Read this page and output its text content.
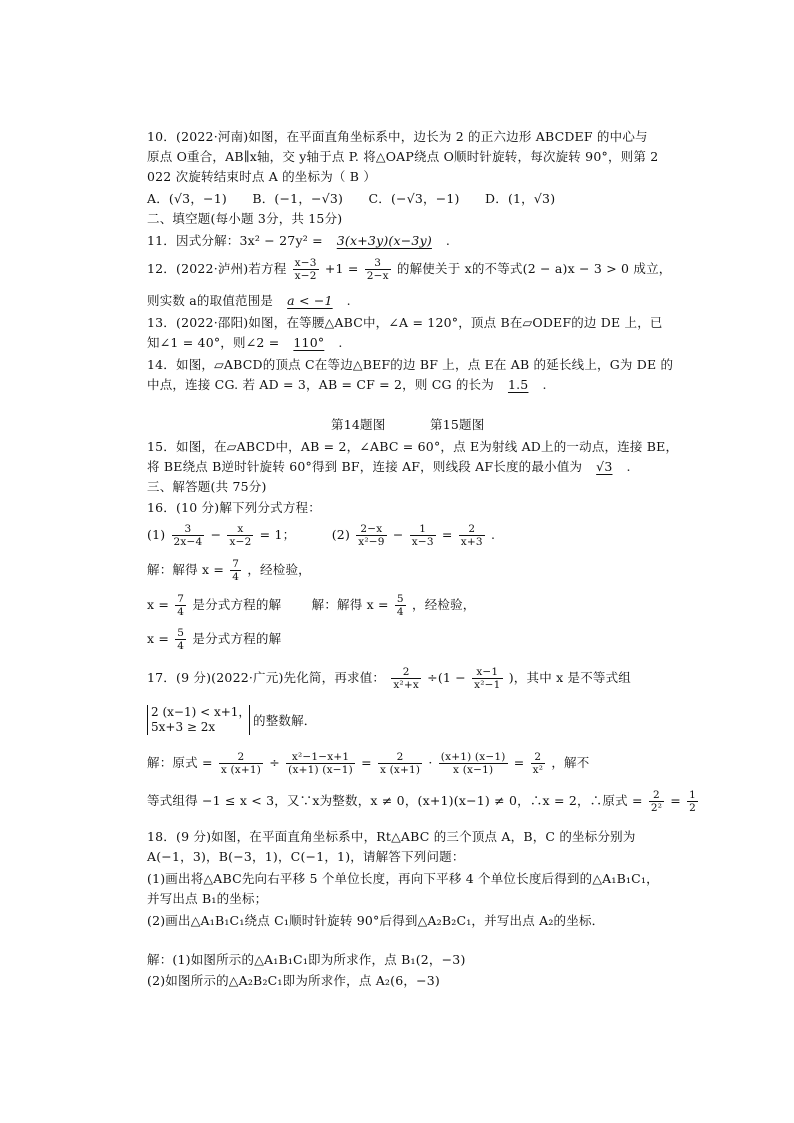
10．(2022·河南)如图，在平面直角坐标系中，边长为 2 的正六边形 ABCDEF 的中心与
原点 O重合，AB∥x轴，交 y轴于点 P. 将△OAP绕点 O顺时针旋转，每次旋转 90°，则第 2
022 次旋转结束时点 A 的坐标为（ B ）
A．(√3，−1)　　B．(−1，−√3)　　C．(−√3，−1)　　D．(1，√3)
二、填空题(每小题 3分，共 15分)
11．因式分解：3x² − 27y² = 3(x+3y)(x−3y) .
12．(2022·泸州)若方程 $\frac{x-3}{x-2} +1 = \frac{3}{2-x}$ 的解使关于 x的不等式(2 − a)x − 3 > 0 成立，
则实数 a的取值范围是 a < −1 .
13．(2022·邵阳)如图，在等腰△ABC中，∠A = 120°，顶点 B在▱ODEF的边 DE 上，已
知∠1 = 40°，则∠2 = 110° .
14．如图，▱ABCD的顶点 C在等边△BEF的边 BF 上，点 E在 AB 的延长线上，G为 DE 的
中点，连接 CG. 若 AD = 3，AB = CF = 2，则 CG 的长为 1.5 .
第14题图	第15题图
15．如图，在▱ABCD中，AB = 2，∠ABC = 60°，点 E为射线 AD上的一动点，连接 BE，
将 BE绕点 B逆时针旋转 60°得到 BF，连接 AF，则线段 AF长度的最小值为 √3 .
三、解答题(共 75分)
16．(10 分)解下列分式方程：
$(1) \frac{3}{2x-4} - \frac{x}{x-2} = 1$；	$(2) \frac{2-x}{\text{x²−9}} - \frac{1}{x-3} = \frac{2}{x+3}$ .
解：解得 $x = \frac{7}{4}$ ，经检验，
$x = \frac{7}{4}$ 是分式方程的解 解：解得 $x = \frac{5}{4}$ ，经检验，
$x = \frac{5}{4}$ 是分式方程的解
17．(9 分)(2022·广元)先化简，再求值： $\frac{2}{\text{x²+x}} \div(1 - \frac{x-1}{\text{x²−1}}$ )，其中 x 是不等式组
2 (x−1) < x+1，
5x+3 ≥ 2x	的整数解．
解：原式 = $\frac{2}{x (x+1)} \div \frac{\text{x²−1−x+1}}{(x+1) (x-1)} = \frac{2}{x (x+1)} \cdot \frac{(x+1) (x-1)}{x (x-1)} = \frac{2}{\text{x²}}$ ，解不
等式组得 −1 ≤ x < 3，又∵x为整数，x ≠ 0，(x+1)(x−1) ≠ 0，∴x = 2，∴原式 = $\frac{2}{\text{2²}} = \frac{1}{2}$
18．(9 分)如图，在平面直角坐标系中，Rt△ABC 的三个顶点 A，B，C 的坐标分别为
A(−1，3)，B(−3，1)，C(−1，1)，请解答下列问题：
(1)画出将△ABC先向右平移 5 个单位长度，再向下平移 4 个单位长度后得到的△A₁B₁C₁，
并写出点 B₁的坐标；
(2)画出△A₁B₁C₁绕点 C₁顺时针旋转 90°后得到△A₂B₂C₁，并写出点 A₂的坐标．
解：(1)如图所示的△A₁B₁C₁即为所求作，点 B₁(2，−3)
(2)如图所示的△A₂B₂C₁即为所求作，点 A₂(6，−3)
